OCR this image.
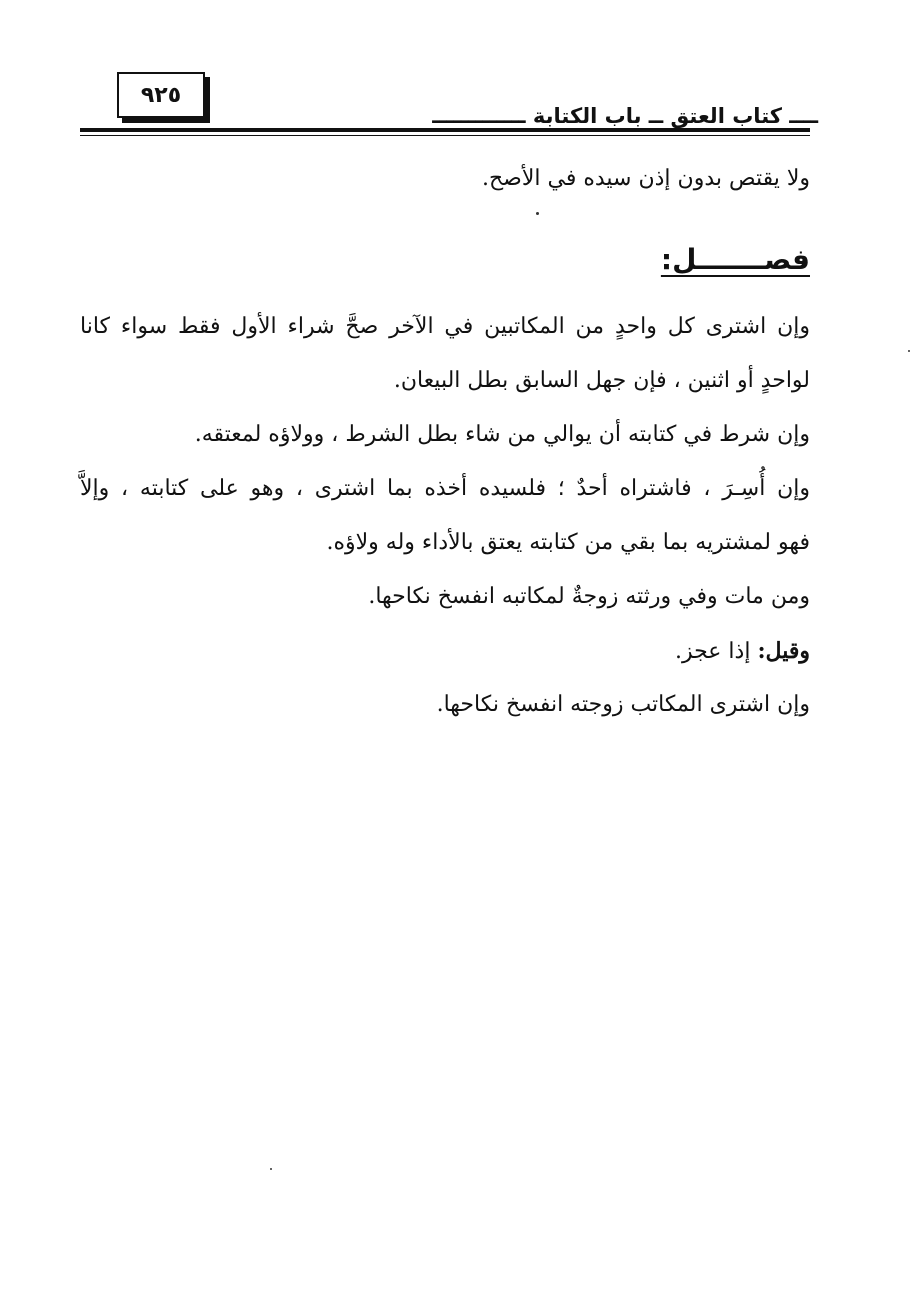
٩٢٥
ــــ كتاب العتق ــ باب الكتابة ـــــــــــــ

ولا يقتص بدون إذن سيده في الأصح.

فصـــــــل:

وإن اشترى كل واحدٍ من المكاتبين في الآخر صحَّ شراء الأول فقط سواء كانا

لواحدٍ أو اثنين ، فإن جهل السابق بطل البيعان.

وإن شرط في كتابته أن يوالي من شاء بطل الشرط ، وولاؤه لمعتقه.

وإن أُسِـرَ ، فاشتراه أحدٌ ؛ فلسيده أخذه بما اشترى ، وهو على كتابته ، وإلاَّ

فهو لمشتريه بما بقي من كتابته يعتق بالأداء وله ولاؤه.

ومن مات وفي ورثته زوجةٌ لمكاتبه انفسخ نكاحها.

وقيل: إذا عجز.

وإن اشترى المكاتب زوجته انفسخ نكاحها.
